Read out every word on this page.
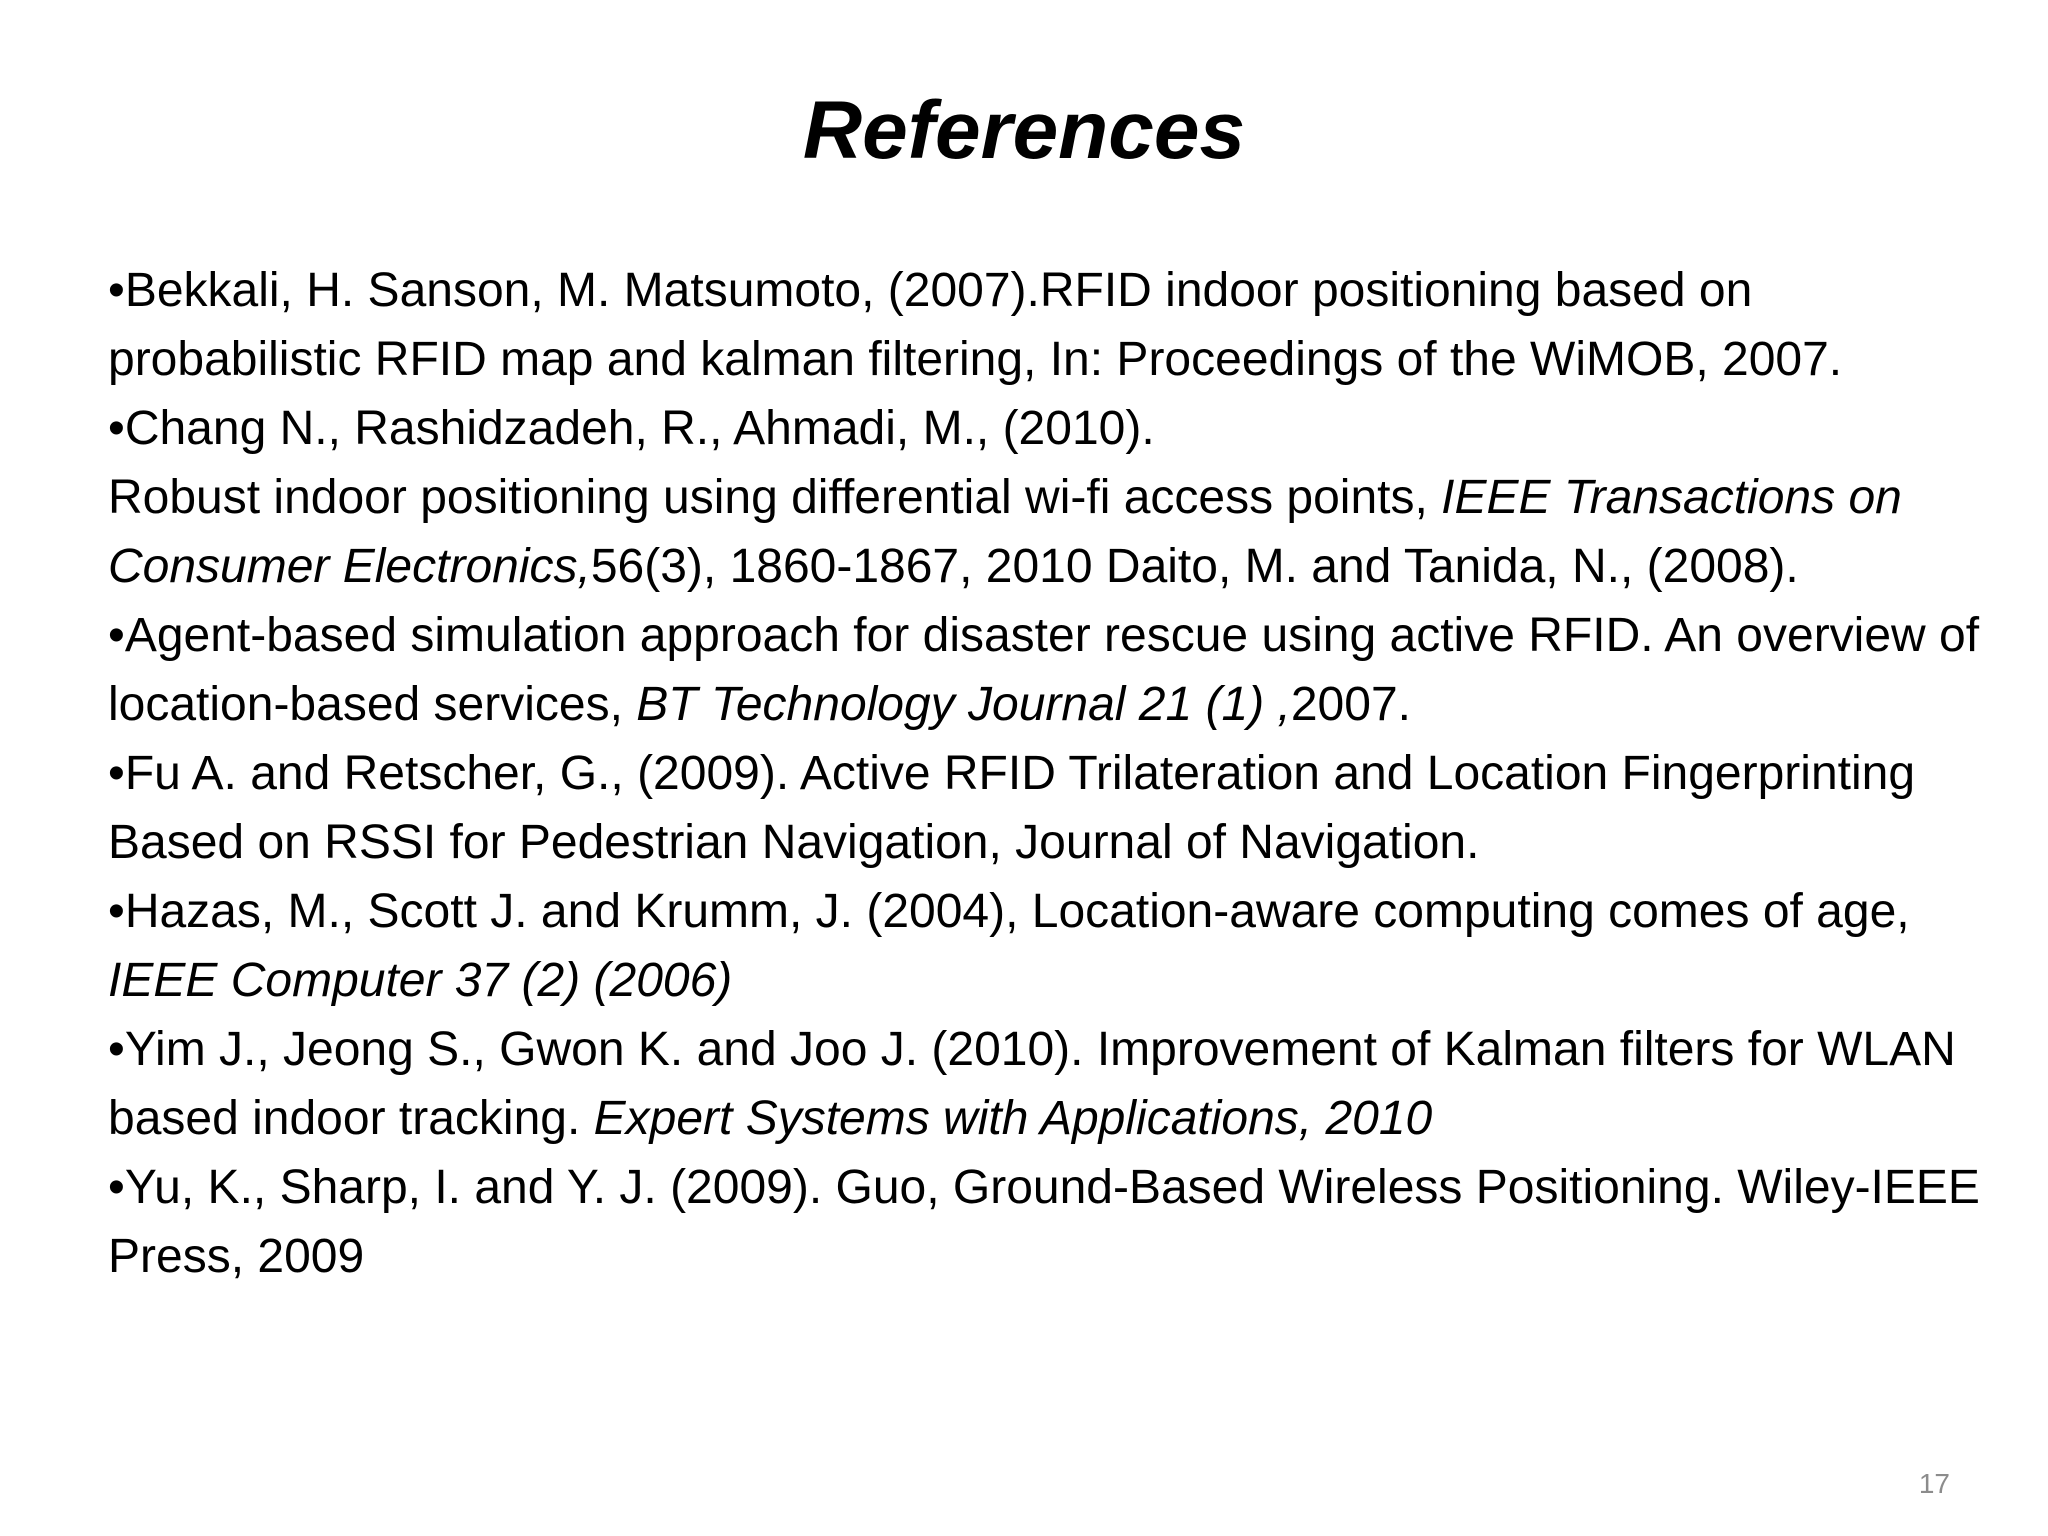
References
•Bekkali, H. Sanson, M. Matsumoto, (2007).RFID indoor positioning based on probabilistic RFID map and kalman filtering, In: Proceedings of the WiMOB, 2007.
•Chang N., Rashidzadeh, R., Ahmadi, M., (2010).
Robust indoor positioning using differential wi-fi access points, IEEE Transactions on Consumer Electronics,56(3), 1860-1867, 2010 Daito, M. and Tanida, N., (2008).
•Agent-based simulation approach for disaster rescue using active RFID. An overview of location-based services, BT Technology Journal 21 (1) ,2007.
•Fu A. and Retscher, G., (2009). Active RFID Trilateration and Location Fingerprinting Based on RSSI for Pedestrian Navigation, Journal of Navigation.
•Hazas, M., Scott J. and Krumm, J. (2004), Location-aware computing comes of age, IEEE Computer 37 (2) (2006)
•Yim J., Jeong S., Gwon K. and Joo J. (2010). Improvement of Kalman filters for WLAN based indoor tracking. Expert Systems with Applications, 2010
•Yu, K., Sharp, I. and Y. J. (2009). Guo, Ground-Based Wireless Positioning. Wiley-IEEE Press, 2009
17
